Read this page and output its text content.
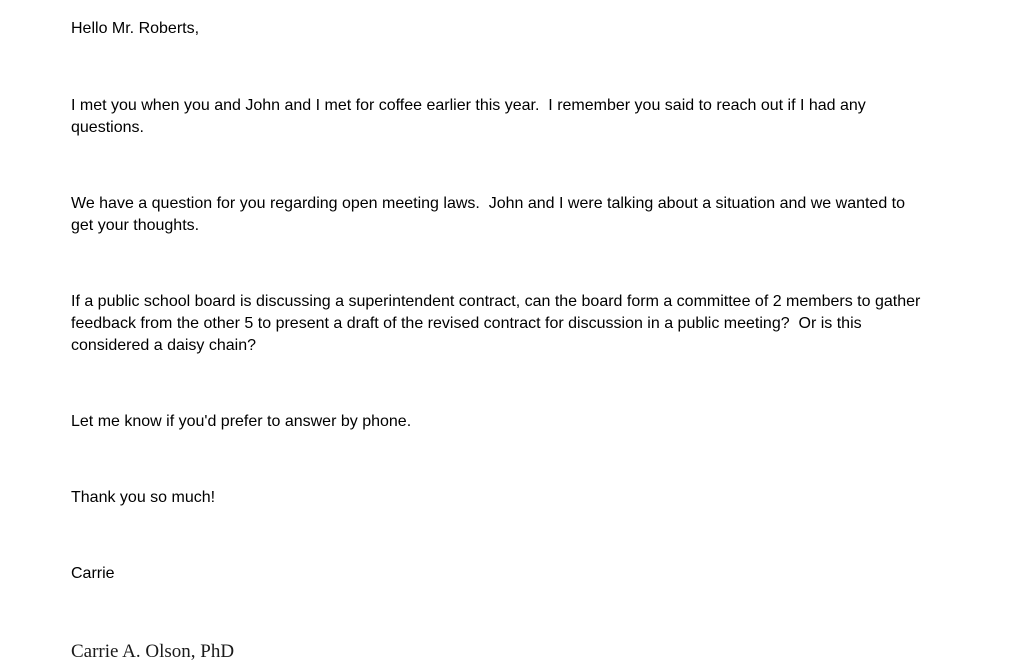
Hello Mr. Roberts,

I met you when you and John and I met for coffee earlier this year.  I remember you said to reach out if I had any questions.

We have a question for you regarding open meeting laws.  John and I were talking about a situation and we wanted to get your thoughts.

If a public school board is discussing a superintendent contract, can the board form a committee of 2 members to gather feedback from the other 5 to present a draft of the revised contract for discussion in a public meeting?  Or is this considered a daisy chain?

Let me know if you'd prefer to answer by phone.

Thank you so much!

Carrie

Carrie A. Olson, PhD
